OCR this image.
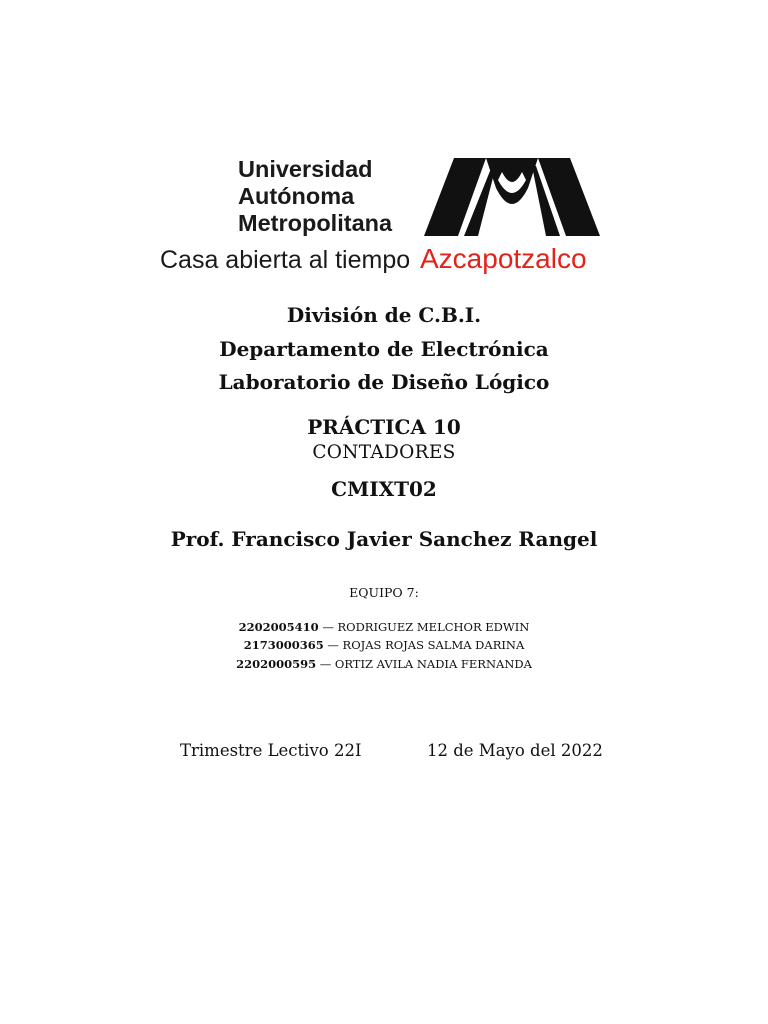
Universidad
Autónoma
Metropolitana
Casa abierta al tiempo Azcapotzalco
División de C.B.I.
Departamento de Electrónica
Laboratorio de Diseño Lógico
PRÁCTICA 10
CONTADORES
CMIXT02
Prof. Francisco Javier Sanchez Rangel
EQUIPO 7:
2202005410 — RODRIGUEZ MELCHOR EDWIN
2173000365 — ROJAS ROJAS SALMA DARINA
2202000595 — ORTIZ AVILA NADIA FERNANDA
Trimestre Lectivo 22I	12 de Mayo del 2022
